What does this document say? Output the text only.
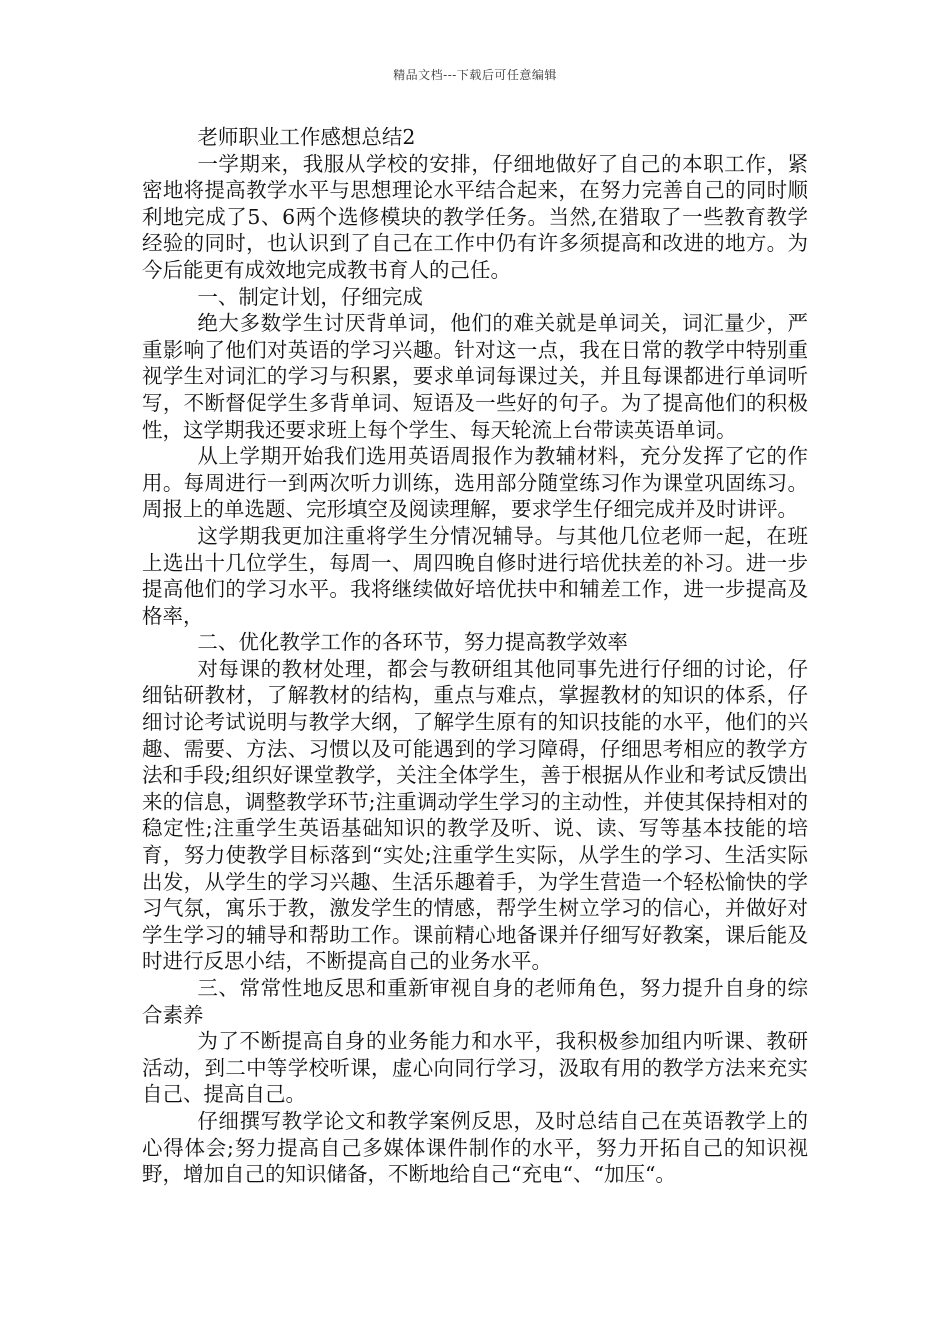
精品文档---下载后可任意编辑

老师职业工作感想总结2

一学期来，我服从学校的安排，仔细地做好了自己的本职工作，紧密地将提高教学水平与思想理论水平结合起来，在努力完善自己的同时顺利地完成了5、6两个选修模块的教学任务。当然,在猎取了一些教育教学经验的同时，也认识到了自己在工作中仍有许多须提高和改进的地方。为今后能更有成效地完成教书育人的己任。

一、制定计划，仔细完成

绝大多数学生讨厌背单词，他们的难关就是单词关，词汇量少，严重影响了他们对英语的学习兴趣。针对这一点，我在日常的教学中特别重视学生对词汇的学习与积累，要求单词每课过关，并且每课都进行单词听写，不断督促学生多背单词、短语及一些好的句子。为了提高他们的积极性，这学期我还要求班上每个学生、每天轮流上台带读英语单词。

从上学期开始我们选用英语周报作为教辅材料，充分发挥了它的作用。每周进行一到两次听力训练，选用部分随堂练习作为课堂巩固练习。周报上的单选题、完形填空及阅读理解，要求学生仔细完成并及时讲评。

这学期我更加注重将学生分情况辅导。与其他几位老师一起，在班上选出十几位学生，每周一、周四晚自修时进行培优扶差的补习。进一步提高他们的学习水平。我将继续做好培优扶中和辅差工作，进一步提高及格率，

二、优化教学工作的各环节，努力提高教学效率

对每课的教材处理，都会与教研组其他同事先进行仔细的讨论，仔细钻研教材，了解教材的结构，重点与难点，掌握教材的知识的体系，仔细讨论考试说明与教学大纲，了解学生原有的知识技能的水平，他们的兴趣、需要、方法、习惯以及可能遇到的学习障碍，仔细思考相应的教学方法和手段;组织好课堂教学，关注全体学生，善于根据从作业和考试反馈出来的信息，调整教学环节;注重调动学生学习的主动性，并使其保持相对的稳定性;注重学生英语基础知识的教学及听、说、读、写等基本技能的培育，努力使教学目标落到“实处;注重学生实际，从学生的学习、生活实际出发，从学生的学习兴趣、生活乐趣着手，为学生营造一个轻松愉快的学习气氛，寓乐于教，激发学生的情感，帮学生树立学习的信心，并做好对学生学习的辅导和帮助工作。课前精心地备课并仔细写好教案，课后能及时进行反思小结，不断提高自己的业务水平。

三、常常性地反思和重新审视自身的老师角色，努力提升自身的综合素养

为了不断提高自身的业务能力和水平，我积极参加组内听课、教研活动，到二中等学校听课，虚心向同行学习，汲取有用的教学方法来充实自己、提高自己。

仔细撰写教学论文和教学案例反思，及时总结自己在英语教学上的心得体会;努力提高自己多媒体课件制作的水平，努力开拓自己的知识视野，增加自己的知识储备，不断地给自己“充电“、“加压“。
